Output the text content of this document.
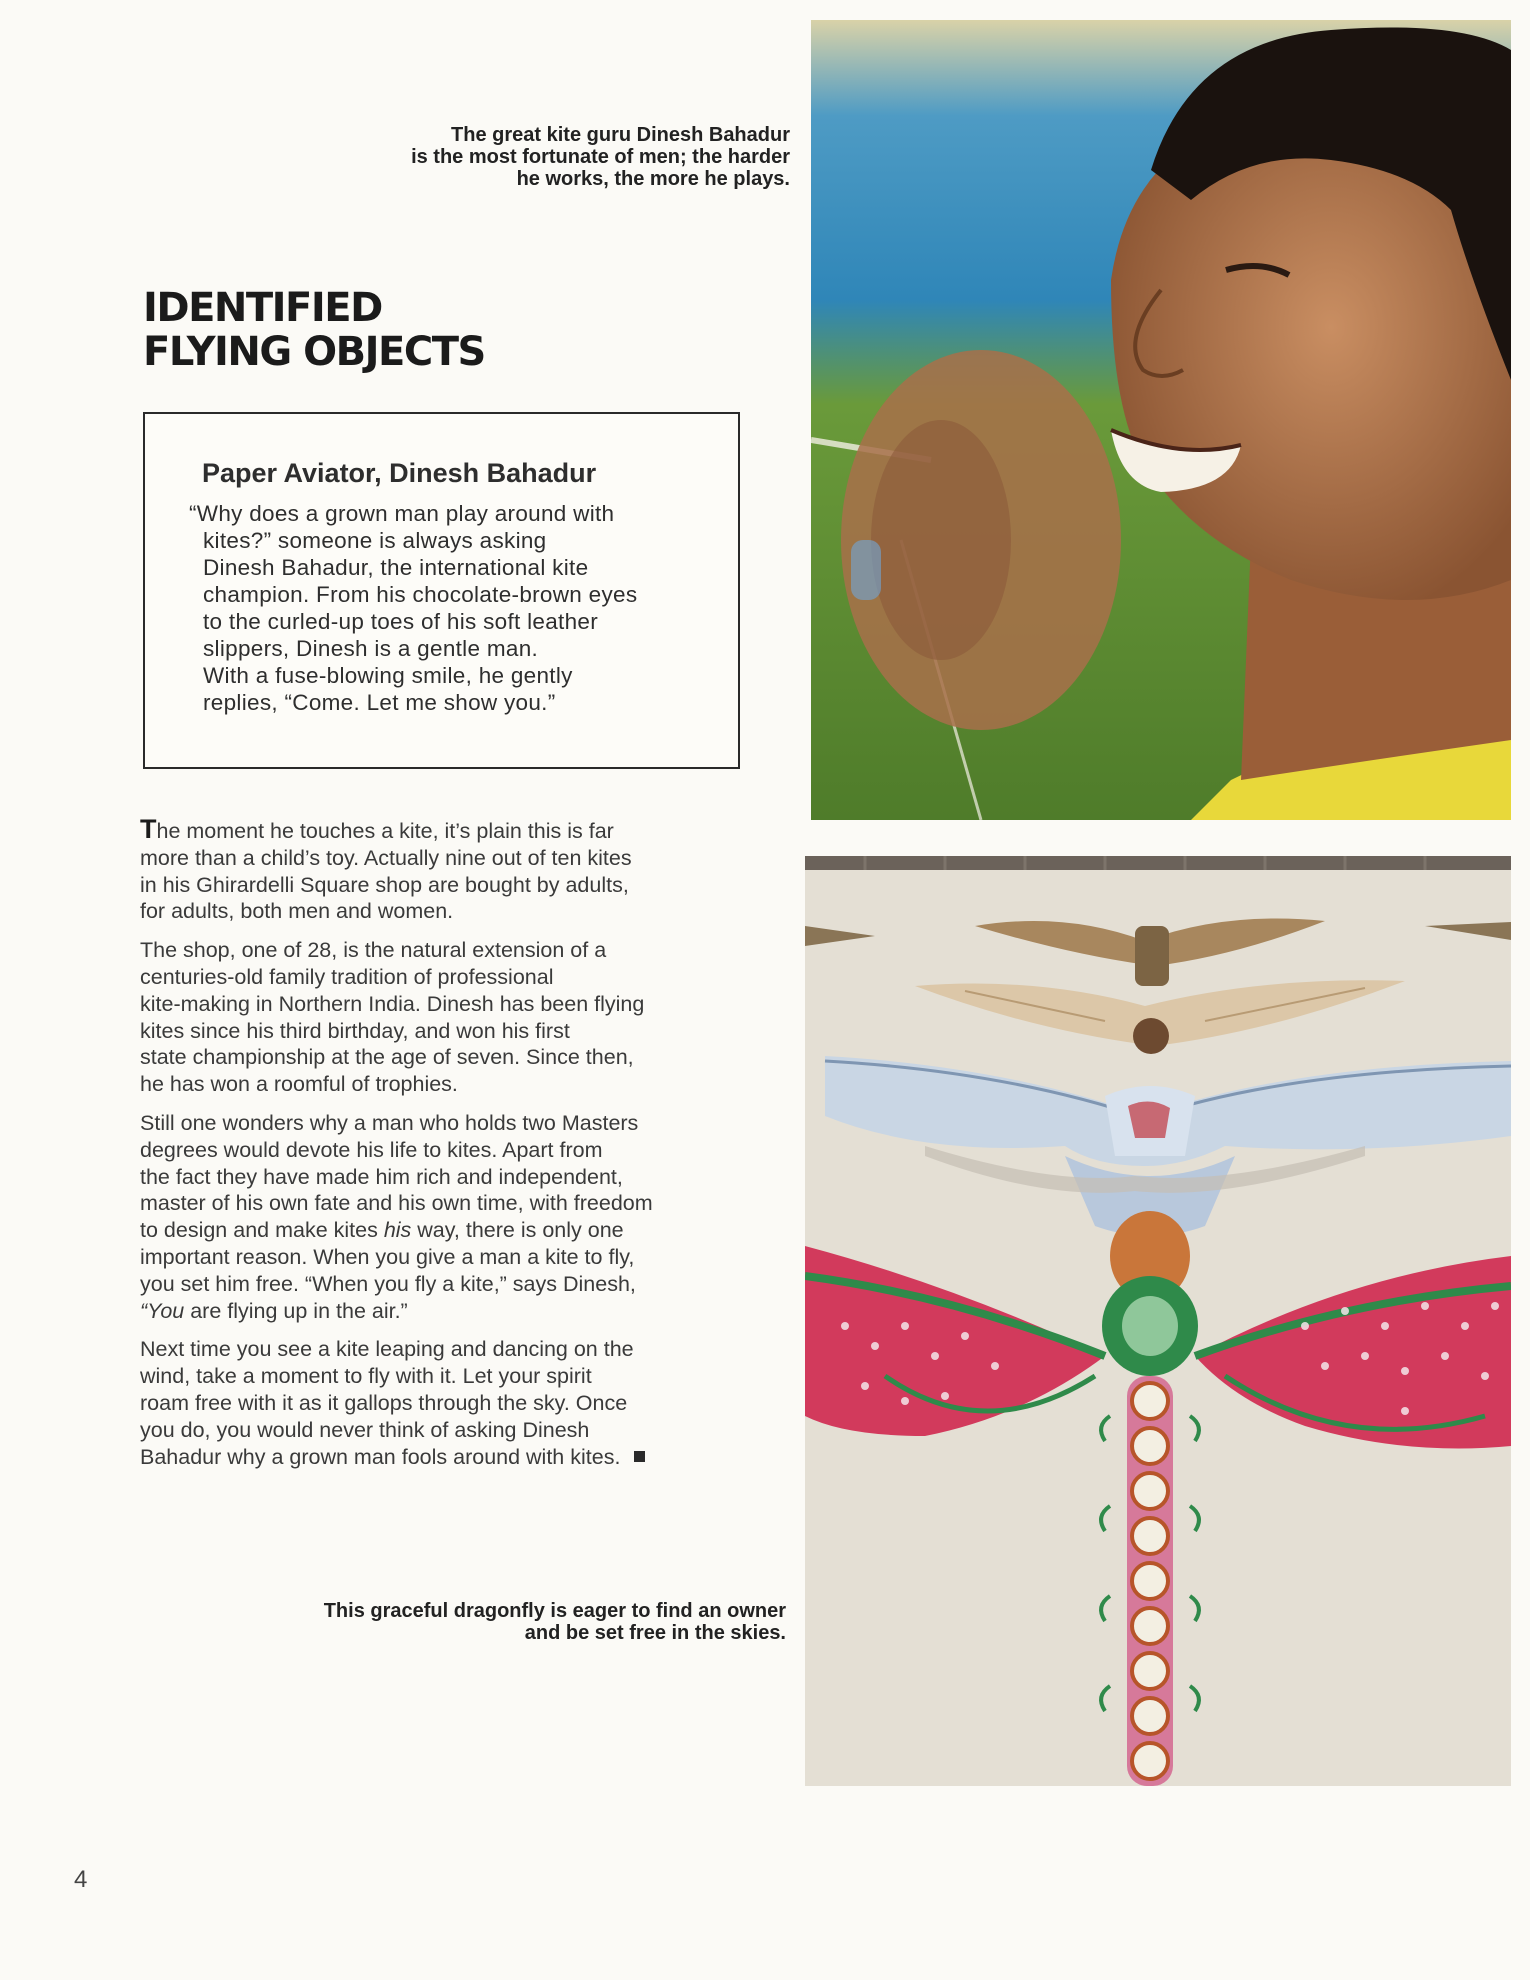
The great kite guru Dinesh Bahadur
is the most fortunate of men; the harder
he works, the more he plays.
IDENTIFIED
FLYING OBJECTS
Paper Aviator, Dinesh Bahadur
“Why does a grown man play around with
kites?” someone is always asking
Dinesh Bahadur, the international kite
champion. From his chocolate-brown eyes
to the curled-up toes of his soft leather
slippers, Dinesh is a gentle man.
With a fuse-blowing smile, he gently
replies, “Come. Let me show you.”
The moment he touches a kite, it’s plain this is far
more than a child’s toy. Actually nine out of ten kites
in his Ghirardelli Square shop are bought by adults,
for adults, both men and women.
The shop, one of 28, is the natural extension of a
centuries-old family tradition of professional
kite-making in Northern India. Dinesh has been flying
kites since his third birthday, and won his first
state championship at the age of seven. Since then,
he has won a roomful of trophies.
Still one wonders why a man who holds two Masters
degrees would devote his life to kites. Apart from
the fact they have made him rich and independent,
master of his own fate and his own time, with freedom
to design and make kites his way, there is only one
important reason. When you give a man a kite to fly,
you set him free. “When you fly a kite,” says Dinesh,
“You are flying up in the air.”
Next time you see a kite leaping and dancing on the
wind, take a moment to fly with it. Let your spirit
roam free with it as it gallops through the sky. Once
you do, you would never think of asking Dinesh
Bahadur why a grown man fools around with kites.
This graceful dragonfly is eager to find an owner
and be set free in the skies.
4
